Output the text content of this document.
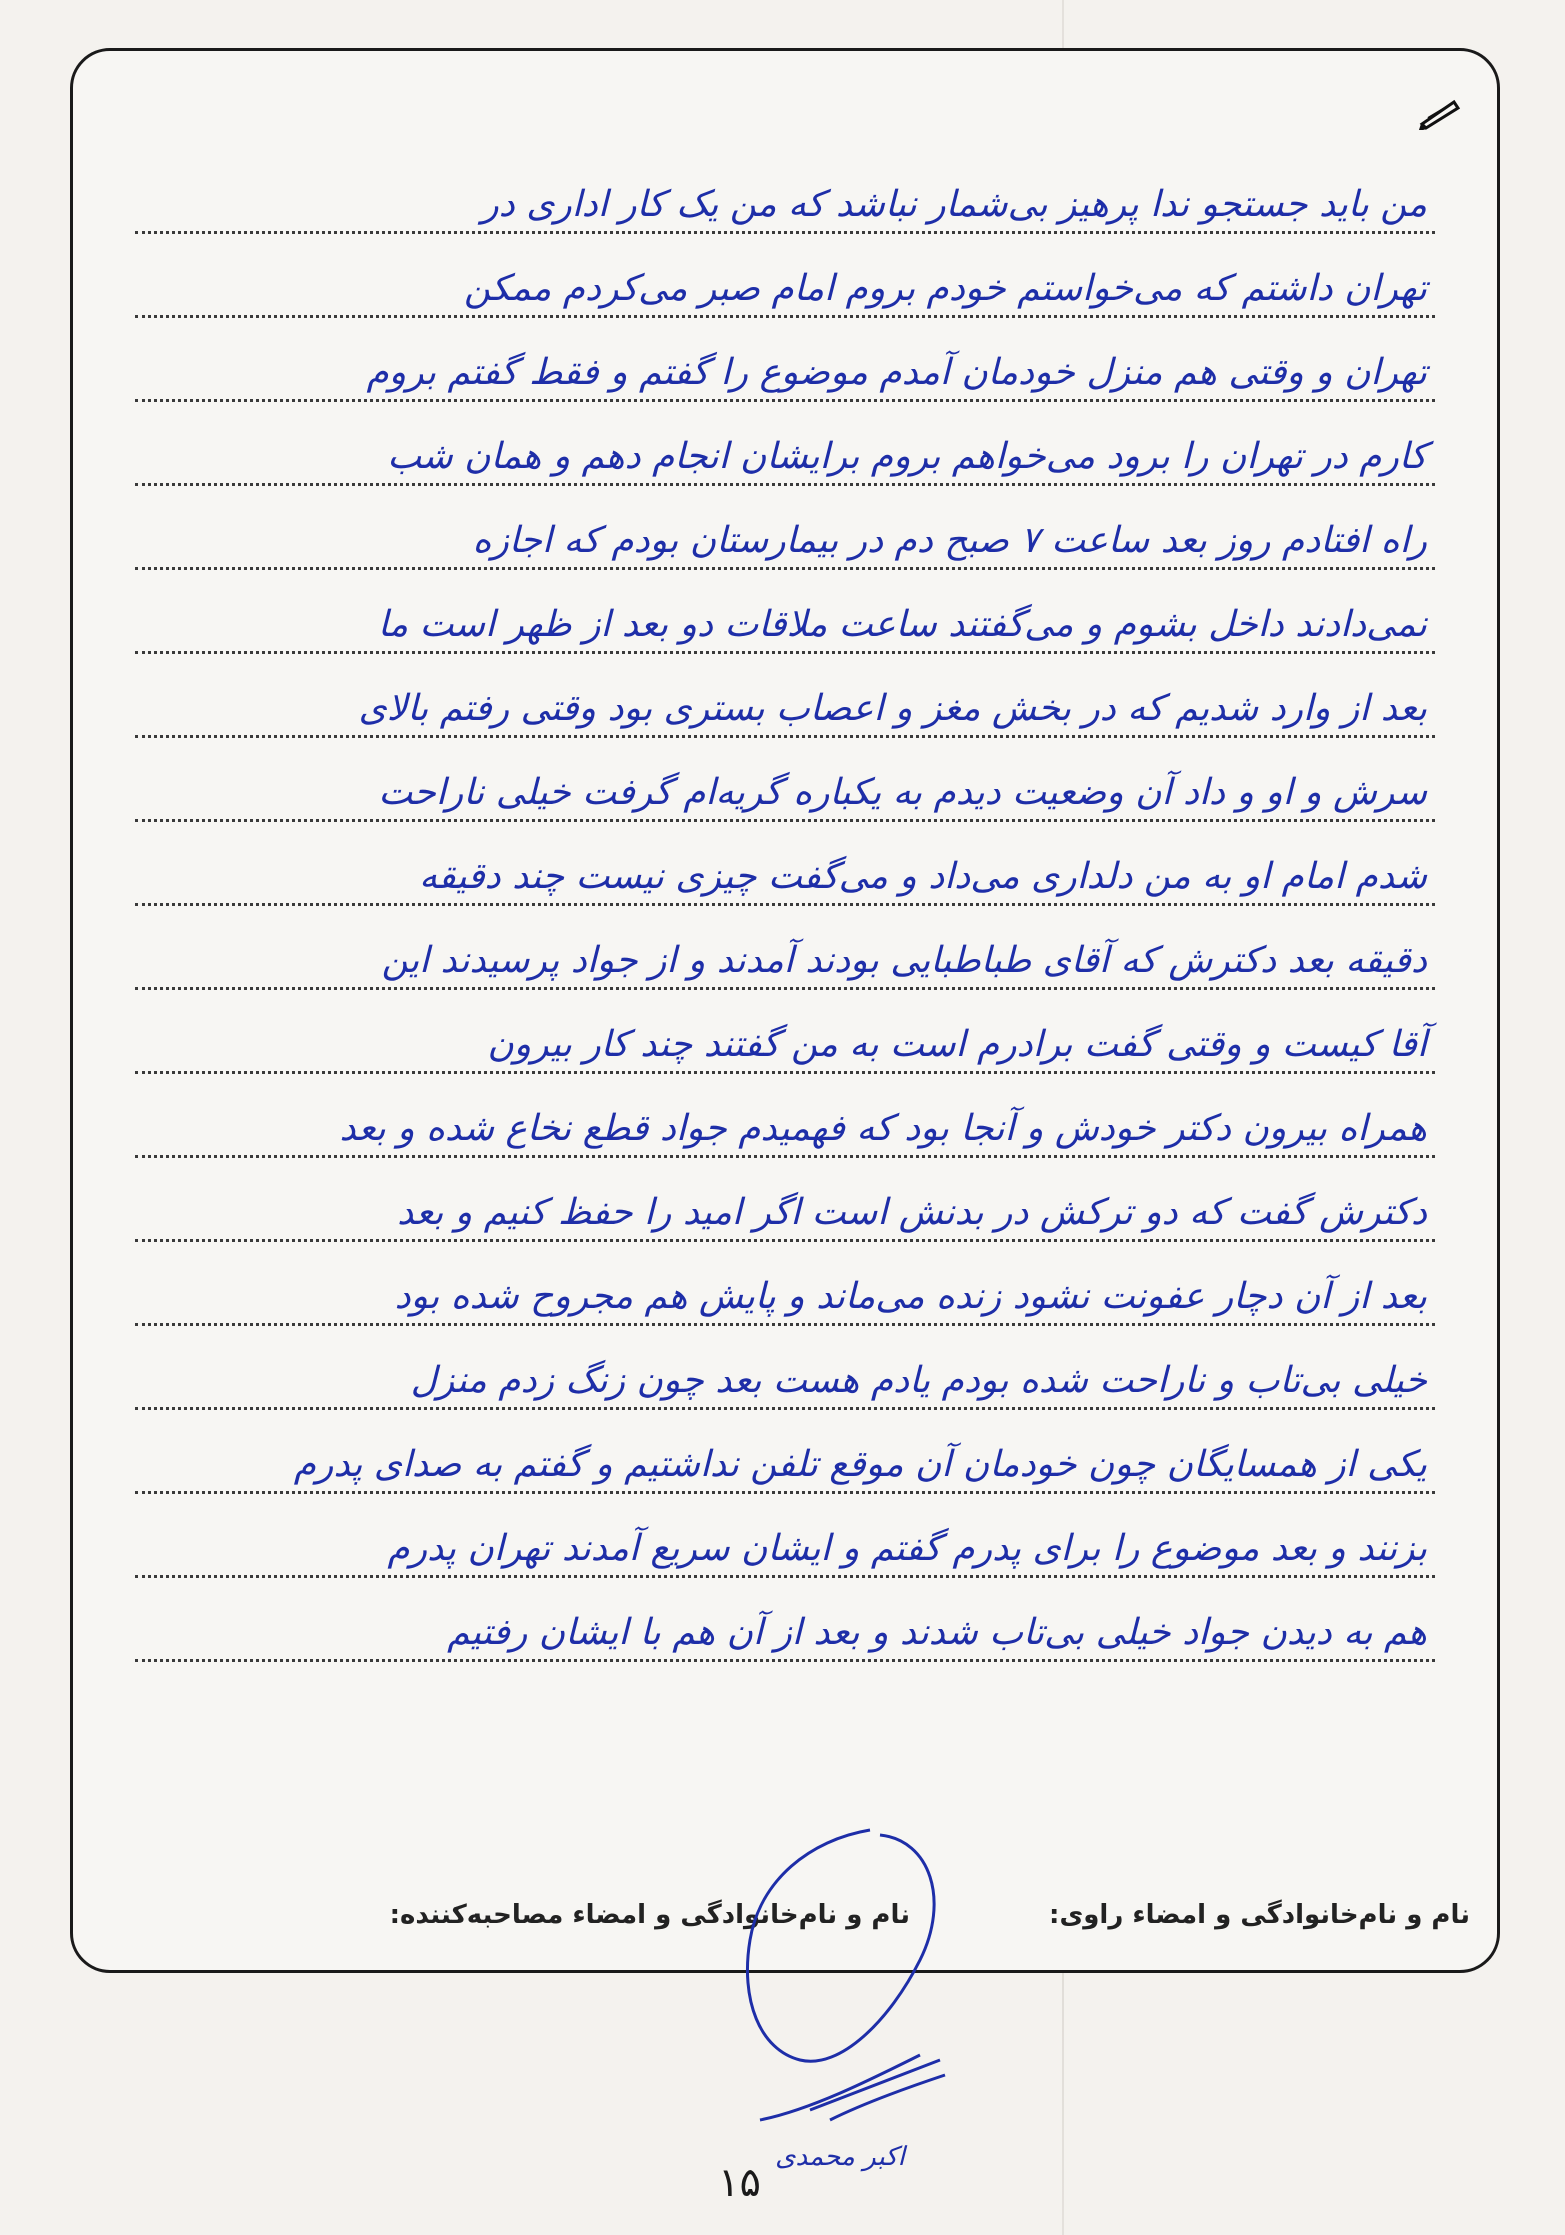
من باید جستجو ندا پرهیز بی‌شمار نباشد که من یک کار اداری در
تهران داشتم که می‌خواستم خودم بروم امام صبر می‌کردم ممکن
تهران و وقتی هم منزل خودمان آمدم موضوع را گفتم و فقط گفتم بروم
کارم در تهران را برود می‌خواهم بروم برایشان انجام دهم و همان شب
راه افتادم روز بعد ساعت ۷ صبح دم در بیمارستان بودم که اجازه
نمی‌دادند داخل بشوم و می‌گفتند ساعت ملاقات دو بعد از ظهر است ما
بعد از وارد شدیم که در بخش مغز و اعصاب بستری بود وقتی رفتم بالای
سرش و او و داد آن وضعیت دیدم به یکباره گریه‌ام گرفت خیلی ناراحت
شدم امام او به من دلداری می‌داد و می‌گفت چیزی نیست چند دقیقه
دقیقه بعد دکترش که آقای طباطبایی بودند آمدند و از جواد پرسیدند این
آقا کیست و وقتی گفت برادرم است به من گفتند چند کار بیرون
همراه بیرون دکتر خودش و آنجا بود که فهمیدم جواد قطع نخاع شده و بعد
دکترش گفت که دو ترکش در بدنش است اگر امید را حفظ کنیم و بعد
بعد از آن دچار عفونت نشود زنده می‌ماند و پایش هم مجروح شده بود
خیلی بی‌تاب و ناراحت شده بودم یادم هست بعد چون زنگ زدم منزل
یکی از همسایگان چون خودمان آن موقع تلفن نداشتیم و گفتم به صدای پدرم
بزنند و بعد موضوع را برای پدرم گفتم و ایشان سریع آمدند تهران پدرم
هم به دیدن جواد خیلی بی‌تاب شدند و بعد از آن هم با ایشان رفتیم
نام و نام‌خانوادگی و امضاء راوی:
نام و نام‌خانوادگی و امضاء مصاحبه‌کننده:
اکبر محمدی
۱۵
